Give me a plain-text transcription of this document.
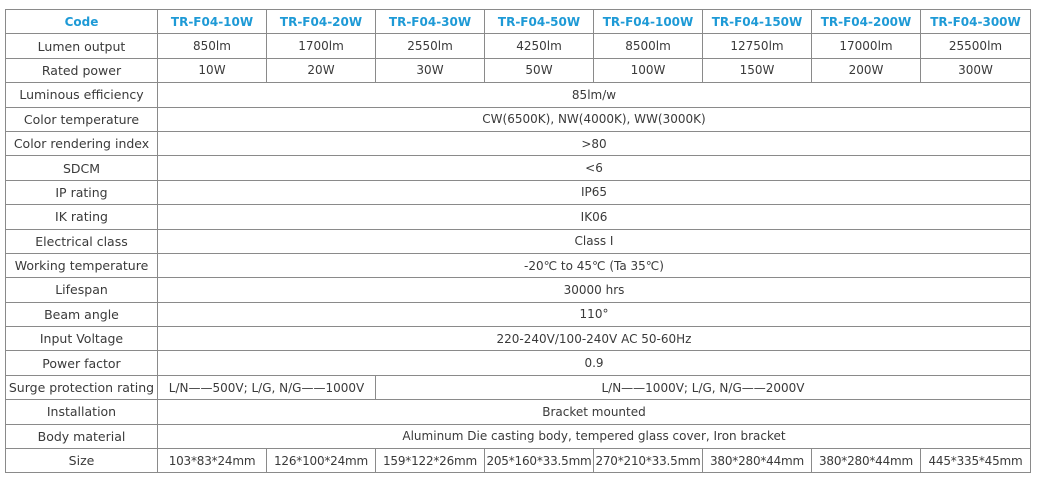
Code	TR-F04-10W	TR-F04-20W	TR-F04-30W	TR-F04-50W	TR-F04-100W	TR-F04-150W	TR-F04-200W	TR-F04-300W
Lumen output	850lm	1700lm	2550lm	4250lm	8500lm	12750lm	17000lm	25500lm
Rated power	10W	20W	30W	50W	100W	150W	200W	300W
Luminous efficiency	85lm/w							
Color temperature	CW(6500K), NW(4000K), WW(3000K)							
Color rendering index	>80							
SDCM	<6							
IP rating	IP65							
IK rating	IK06							
Electrical class	Class I							
Working temperature	-20℃ to 45℃ (Ta 35℃)							
Lifespan	30000 hrs							
Beam angle	110°							
Input Voltage	220-240V/100-240V AC 50-60Hz							
Power factor	0.9							
Surge protection rating	L/N——500V; L/G, N/G——1000V		L/N——1000V; L/G, N/G——2000V					
Installation	Bracket mounted							
Body material	Aluminum Die casting body, tempered glass cover, Iron bracket							
Size	103*83*24mm	126*100*24mm	159*122*26mm	205*160*33.5mm	270*210*33.5mm	380*280*44mm	380*280*44mm	445*335*45mm
